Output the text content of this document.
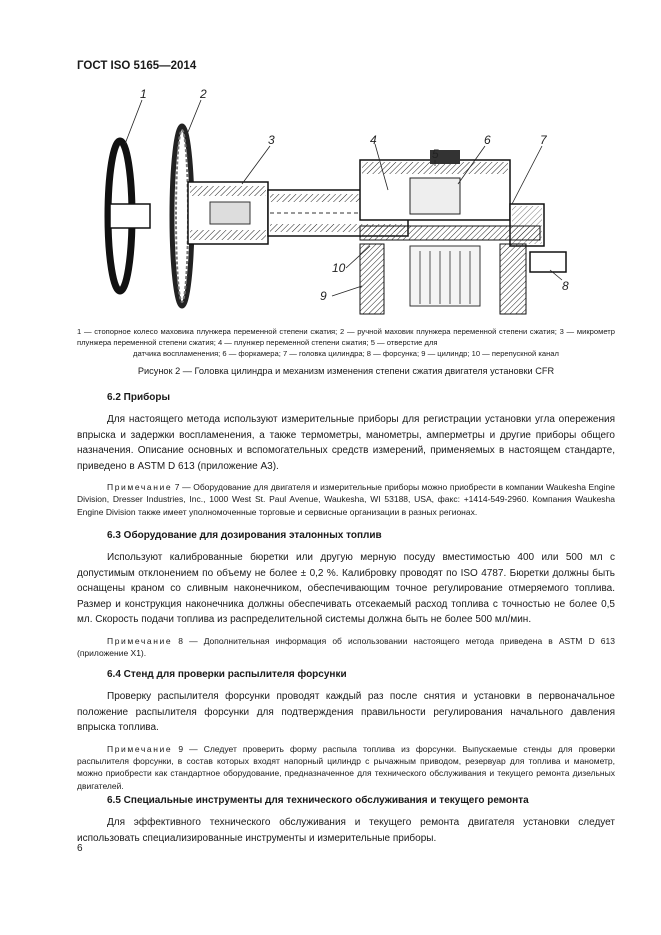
ГОСТ ISO 5165—2014
1	2
3	4
5
6	7
8
9
10
1 — стопорное колесо маховика плунжера переменной степени сжатия; 2 — ручной маховик плунжера переменной степени сжатия; 3 — микрометр плунжера переменной степени сжатия; 4 — плунжер переменной степени сжатия; 5 — отверстие для
датчика воспламенения; 6 — форкамера; 7 — головка цилиндра; 8 — форсунка; 9 — цилиндр; 10 — перепускной канал
Рисунок 2 — Головка цилиндра и механизм изменения степени сжатия двигателя установки CFR
6.2 Приборы

Для настоящего метода используют измерительные приборы для регистрации установки угла опережения впрыска и задержки воспламенения, а также термометры, манометры, амперметры и другие приборы общего назначения. Описание основных и вспомогательных средств измерений, применяемых в настоящем стандарте, приведено в ASTM D 613 (приложение А3).

Примечание 7 — Оборудование для двигателя и измерительные приборы можно приобрести в компании Waukesha Engine Division, Dresser Industries, Inc., 1000 West St. Paul Avenue, Waukesha, WI 53188, USA, факс: +1414-549-2960. Компания Waukesha Engine Division также имеет уполномоченные торговые и сервисные организации в разных регионах.

6.3 Оборудование для дозирования эталонных топлив

Используют калиброванные бюретки или другую мерную посуду вместимостью 400 или 500 мл с допустимым отклонением по объему не более ± 0,2 %. Калибровку проводят по ISO 4787. Бюретки должны быть оснащены краном со сливным наконечником, обеспечивающим точное регулирование отмеряемого топлива. Размер и конструкция наконечника должны обеспечивать отсекаемый расход топлива с точностью не более 0,5 мл. Скорость подачи топлива из распределительной системы должна быть не более 500 мл/мин.

Примечание 8 — Дополнительная информация об использовании настоящего метода приведена в ASTM D 613 (приложение X1).

6.4 Стенд для проверки распылителя форсунки

Проверку распылителя форсунки проводят каждый раз после снятия и установки в первоначальное положение распылителя форсунки для подтверждения правильности регулирования начального давления впрыска топлива.

Примечание 9 — Следует проверить форму распыла топлива из форсунки. Выпускаемые стенды для проверки распылителя форсунки, в состав которых входят напорный цилиндр с рычажным приводом, резервуар для топлива и манометр, можно приобрести как стандартное оборудование, предназначенное для технического обслуживания и текущего ремонта дизельных двигателей.

6.5 Специальные инструменты для технического обслуживания и текущего ремонта

Для эффективного технического обслуживания и текущего ремонта двигателя установки следует использовать специализированные инструменты и измерительные приборы.

6
